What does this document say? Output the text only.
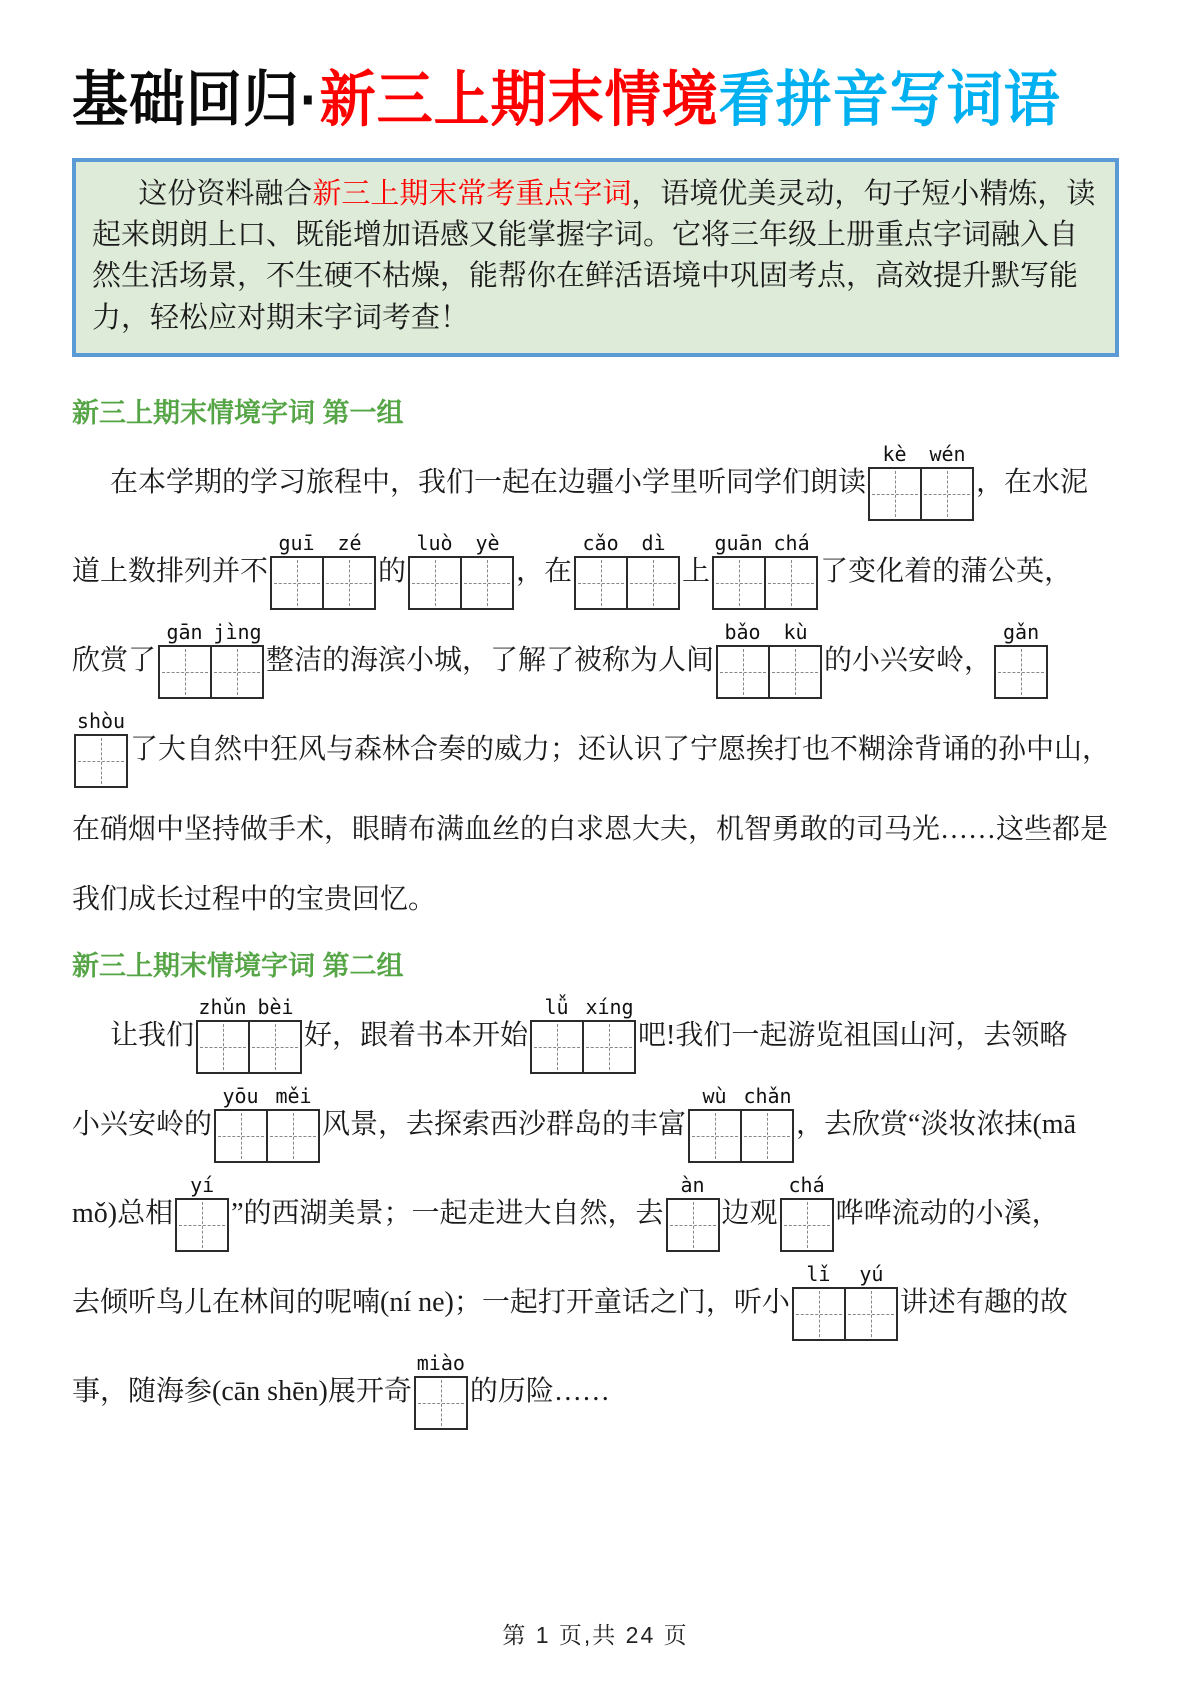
基础回归·新三上期末情境看拼音写词语

这份资料融合新三上期末常考重点字词，语境优美灵动，句子短小精炼，读起来朗朗上口、既能增加语感又能掌握字词。它将三年级上册重点字词融入自然生活场景，不生硬不枯燥，能帮你在鲜活语境中巩固考点，高效提升默写能力，轻松应对期末字词考查！

新三上期末情境字词 第一组
在本学期的学习旅程中，我们一起在边疆小学里听同学们朗读
kè	wén
，在水泥
道上数排列并不
guī	zé
的
luò	yè
，在
cǎo	dì
上
guān chá
了变化着的蒲公英，
欣赏了
gān jìng
整洁的海滨小城，了解了被称为人间
bǎo	kù
的小兴安岭，
gǎn
shòu
了大自然中狂风与森林合奏的威力；还认识了宁愿挨打也不糊涂背诵的孙中山，
在硝烟中坚持做手术，眼睛布满血丝的白求恩大夫，机智勇敢的司马光……这些都是
我们成长过程中的宝贵回忆。
新三上期末情境字词 第二组
让我们
zhǔn bèi
好，跟着书本开始
lǚ xíng
吧!我们一起游览祖国山河，去领略
小兴安岭的
yōu měi
风景，去探索西沙群岛的丰富
wù chǎn
，去欣赏“淡妆浓抹(mā
mǒ)总相
yí
”的西湖美景；一起走进大自然，去
àn
边观
chá
哗哗流动的小溪，
去倾听鸟儿在林间的呢喃(ní ne)；一起打开童话之门，听小
lǐ	yú
讲述有趣的故
事，随海参(cān shēn)展开奇
miào
的历险……
第 1 页,共 24 页
